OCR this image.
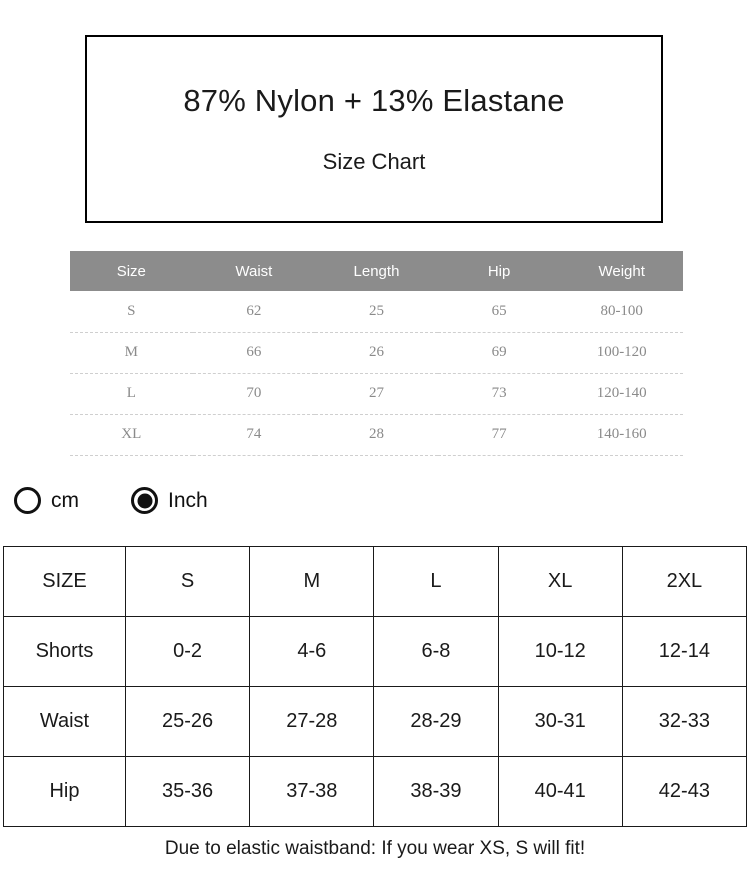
87% Nylon + 13% Elastane
Size Chart
Size	Waist	Length	Hip	Weight
S	62	25	65	80-100
M	66	26	69	100-120
L	70	27	73	120-140
XL	74	28	77	140-160
cm	Inch
SIZE	S	M	L	XL	2XL
Shorts	0-2	4-6	6-8	10-12	12-14
Waist	25-26	27-28	28-29	30-31	32-33
Hip	35-36	37-38	38-39	40-41	42-43
Due to elastic waistband: If you wear XS, S will fit!
